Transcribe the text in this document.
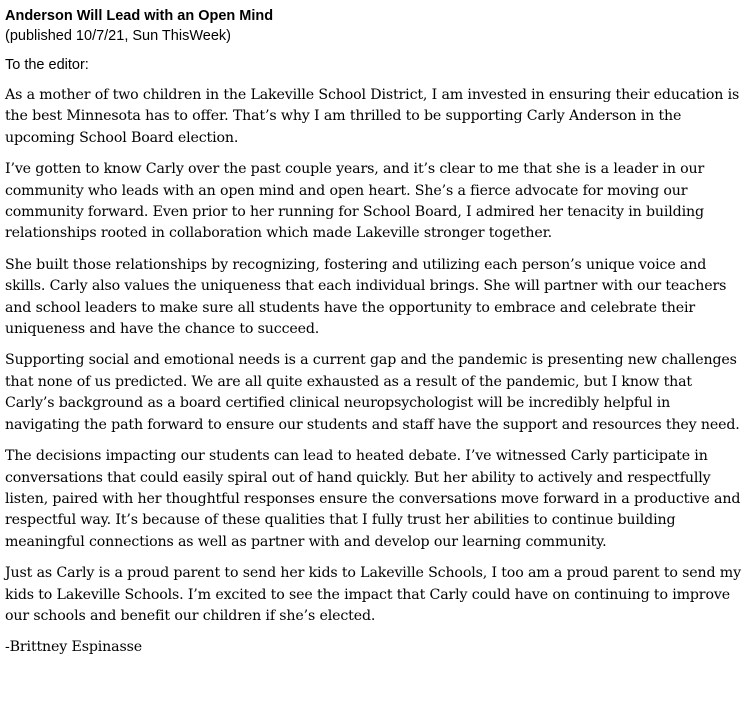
Anderson Will Lead with an Open Mind

(published 10/7/21, Sun ThisWeek)

To the editor:

As a mother of two children in the Lakeville School District, I am invested in ensuring their education is the best Minnesota has to offer. That’s why I am thrilled to be supporting Carly Anderson in the upcoming School Board election.

I’ve gotten to know Carly over the past couple years, and it’s clear to me that she is a leader in our community who leads with an open mind and open heart. She’s a fierce advocate for moving our community forward. Even prior to her running for School Board, I admired her tenacity in building relationships rooted in collaboration which made Lakeville stronger together.

She built those relationships by recognizing, fostering and utilizing each person’s unique voice and skills. Carly also values the uniqueness that each individual brings. She will partner with our teachers and school leaders to make sure all students have the opportunity to embrace and celebrate their uniqueness and have the chance to succeed.

Supporting social and emotional needs is a current gap and the pandemic is presenting new challenges that none of us predicted. We are all quite exhausted as a result of the pandemic, but I know that Carly’s background as a board certified clinical neuropsychologist will be incredibly helpful in navigating the path forward to ensure our students and staff have the support and resources they need.

The decisions impacting our students can lead to heated debate. I’ve witnessed Carly participate in conversations that could easily spiral out of hand quickly. But her ability to actively and respectfully listen, paired with her thoughtful responses ensure the conversations move forward in a productive and respectful way. It’s because of these qualities that I fully trust her abilities to continue building meaningful connections as well as partner with and develop our learning community.

Just as Carly is a proud parent to send her kids to Lakeville Schools, I too am a proud parent to send my kids to Lakeville Schools. I’m excited to see the impact that Carly could have on continuing to improve our schools and benefit our children if she’s elected.

-Brittney Espinasse
